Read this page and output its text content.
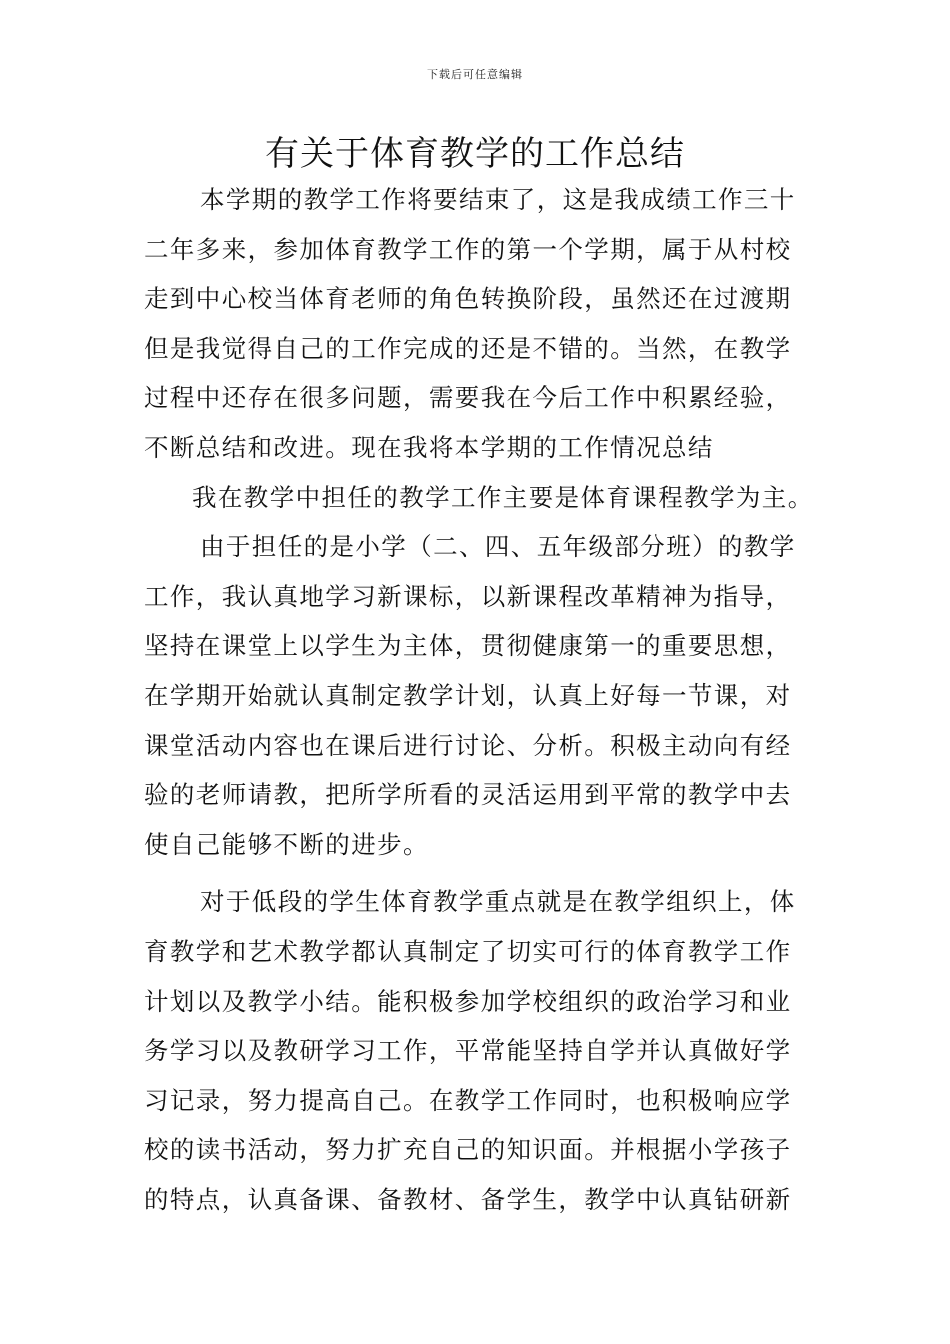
下载后可任意编辑
有关于体育教学的工作总结
本学期的教学工作将要结束了，这是我成绩工作三十
二年多来，参加体育教学工作的第一个学期，属于从村校
走到中心校当体育老师的角色转换阶段，虽然还在过渡期
但是我觉得自己的工作完成的还是不错的。当然，在教学
过程中还存在很多问题，需要我在今后工作中积累经验，
不断总结和改进。现在我将本学期的工作情况总结
我在教学中担任的教学工作主要是体育课程教学为主。
由于担任的是小学（二、四、五年级部分班）的教学
工作，我认真地学习新课标，以新课程改革精神为指导，
坚持在课堂上以学生为主体，贯彻健康第一的重要思想，
在学期开始就认真制定教学计划，认真上好每一节课，对
课堂活动内容也在课后进行讨论、分析。积极主动向有经
验的老师请教，把所学所看的灵活运用到平常的教学中去
使自己能够不断的进步。
对于低段的学生体育教学重点就是在教学组织上，体
育教学和艺术教学都认真制定了切实可行的体育教学工作
计划以及教学小结。能积极参加学校组织的政治学习和业
务学习以及教研学习工作，平常能坚持自学并认真做好学
习记录，努力提高自己。在教学工作同时，也积极响应学
校的读书活动，努力扩充自己的知识面。并根据小学孩子
的特点，认真备课、备教材、备学生，教学中认真钻研新
